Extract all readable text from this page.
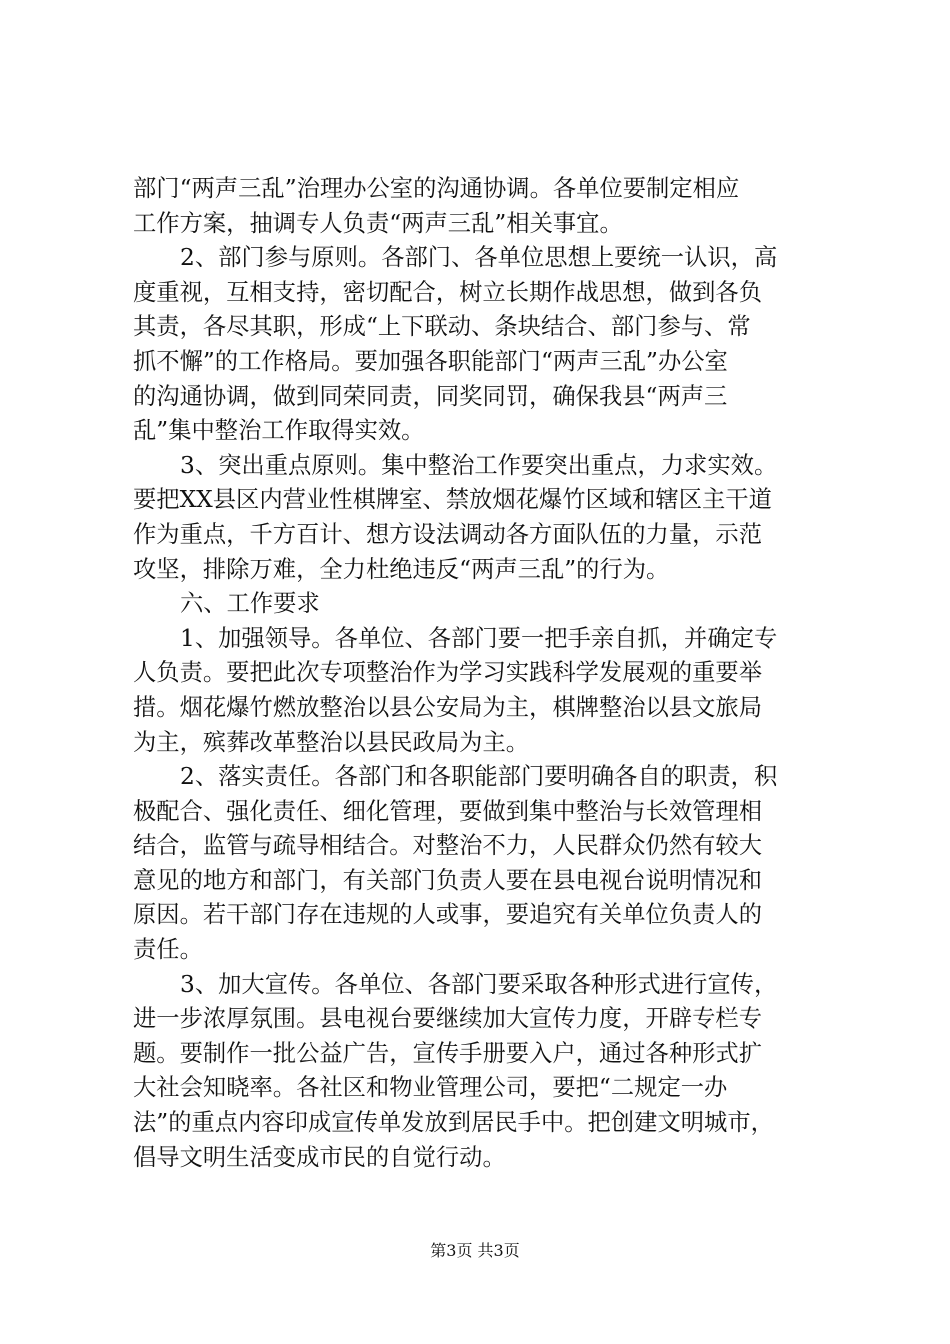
部门“两声三乱”治理办公室的沟通协调。各单位要制定相应
工作方案，抽调专人负责“两声三乱”相关事宜。
2、部门参与原则。各部门、各单位思想上要统一认识，高
度重视，互相支持，密切配合，树立长期作战思想，做到各负
其责，各尽其职，形成“上下联动、条块结合、部门参与、常
抓不懈”的工作格局。要加强各职能部门“两声三乱”办公室
的沟通协调，做到同荣同责，同奖同罚，确保我县“两声三
乱”集中整治工作取得实效。
3、突出重点原则。集中整治工作要突出重点，力求实效。
要把XX县区内营业性棋牌室、禁放烟花爆竹区域和辖区主干道
作为重点，千方百计、想方设法调动各方面队伍的力量，示范
攻坚，排除万难，全力杜绝违反“两声三乱”的行为。
六、工作要求
1、加强领导。各单位、各部门要一把手亲自抓，并确定专
人负责。要把此次专项整治作为学习实践科学发展观的重要举
措。烟花爆竹燃放整治以县公安局为主，棋牌整治以县文旅局
为主，殡葬改革整治以县民政局为主。
2、落实责任。各部门和各职能部门要明确各自的职责，积
极配合、强化责任、细化管理，要做到集中整治与长效管理相
结合，监管与疏导相结合。对整治不力，人民群众仍然有较大
意见的地方和部门，有关部门负责人要在县电视台说明情况和
原因。若干部门存在违规的人或事，要追究有关单位负责人的
责任。
3、加大宣传。各单位、各部门要采取各种形式进行宣传，
进一步浓厚氛围。县电视台要继续加大宣传力度，开辟专栏专
题。要制作一批公益广告，宣传手册要入户，通过各种形式扩
大社会知晓率。各社区和物业管理公司，要把“二规定一办
法”的重点内容印成宣传单发放到居民手中。把创建文明城市，
倡导文明生活变成市民的自觉行动。
第3页 共3页
